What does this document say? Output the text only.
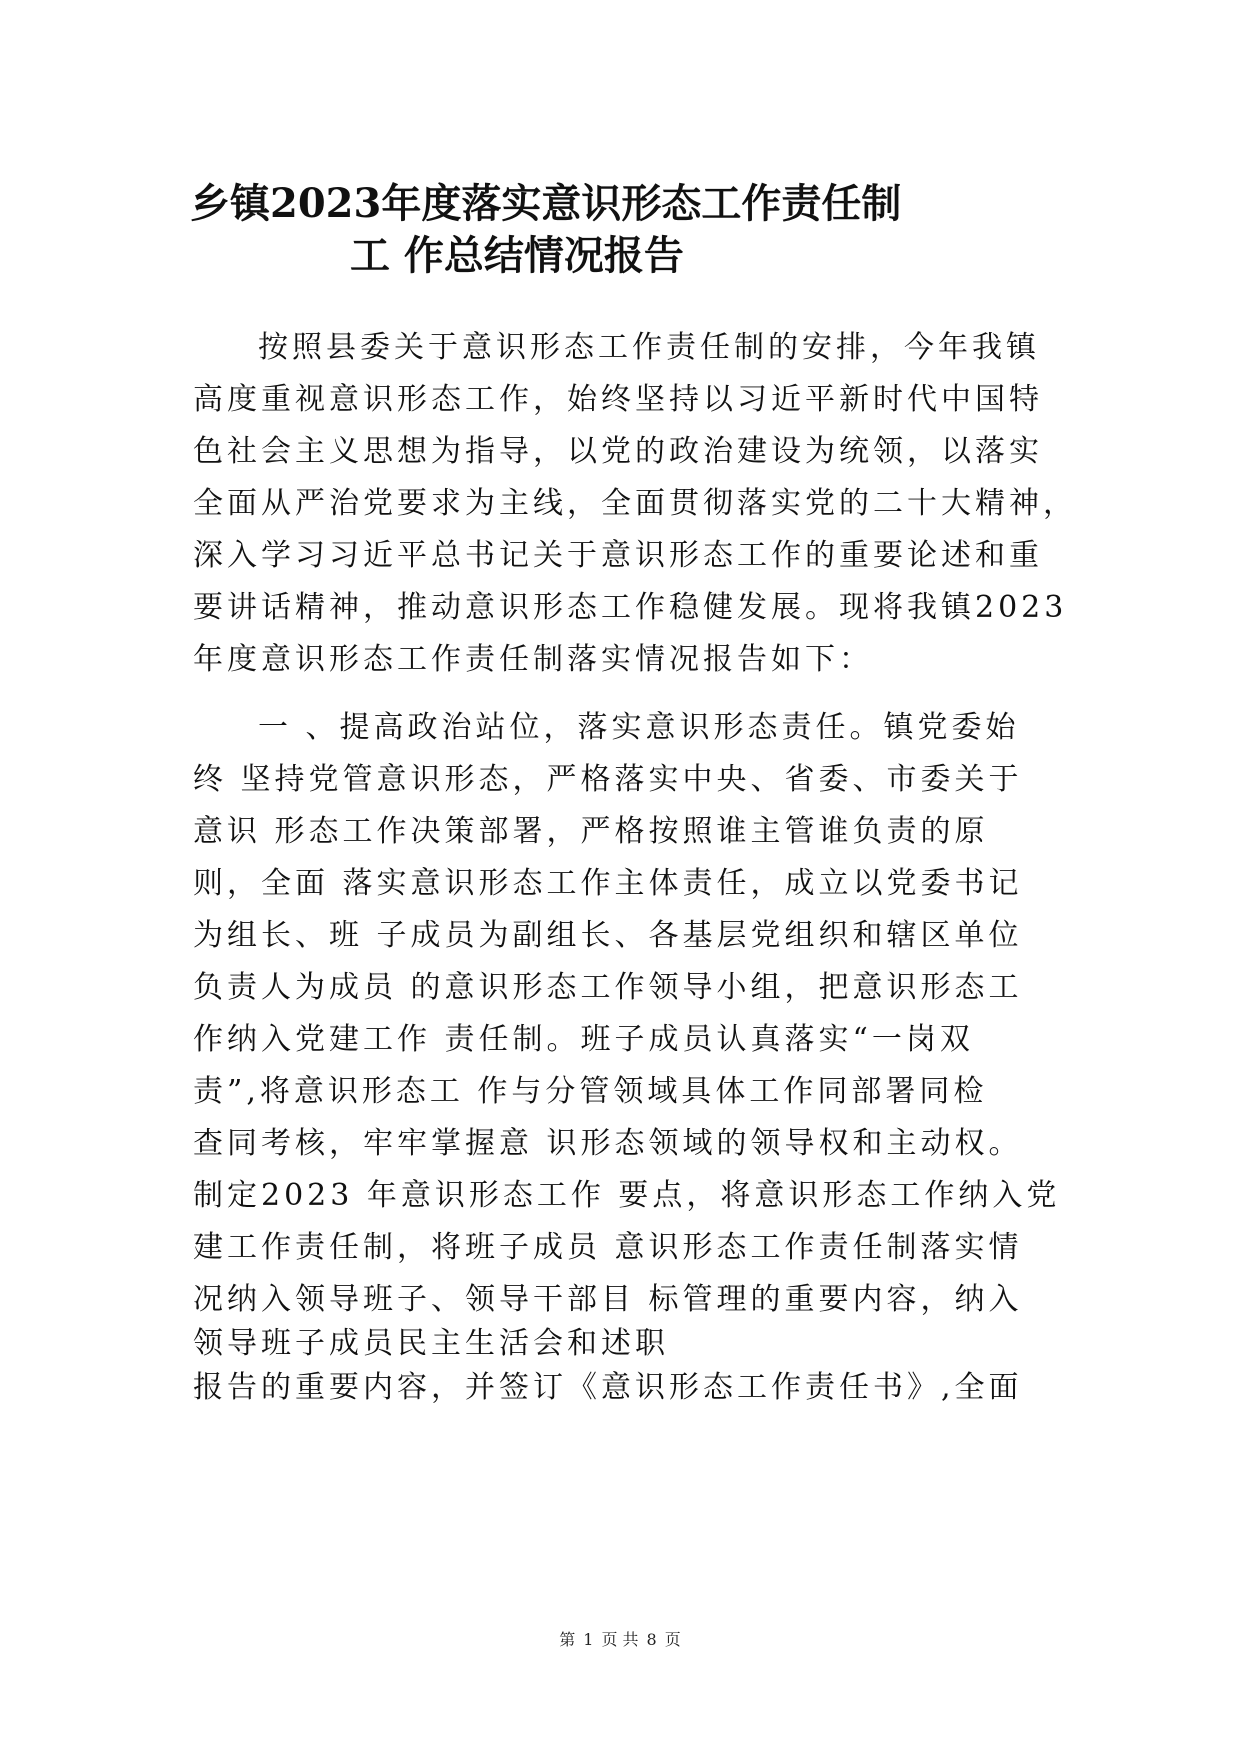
乡镇2023年度落实意识形态工作责任制
工 作总结情况报告
按照县委关于意识形态工作责任制的安排，今年我镇
高度重视意识形态工作，始终坚持以习近平新时代中国特
色社会主义思想为指导，以党的政治建设为统领，以落实
全面从严治党要求为主线，全面贯彻落实党的二十大精神，
深入学习习近平总书记关于意识形态工作的重要论述和重
要讲话精神，推动意识形态工作稳健发展。现将我镇2023
年度意识形态工作责任制落实情况报告如下：
一 、提高政治站位，落实意识形态责任。镇党委始
终 坚持党管意识形态，严格落实中央、省委、市委关于
意识 形态工作决策部署，严格按照谁主管谁负责的原
则，全面 落实意识形态工作主体责任，成立以党委书记
为组长、班 子成员为副组长、各基层党组织和辖区单位
负责人为成员 的意识形态工作领导小组，把意识形态工
作纳入党建工作 责任制。班子成员认真落实“一岗双
责”,将意识形态工 作与分管领域具体工作同部署同检
查同考核，牢牢掌握意 识形态领域的领导权和主动权。
制定2023 年意识形态工作 要点，将意识形态工作纳入党
建工作责任制，将班子成员 意识形态工作责任制落实情
况纳入领导班子、领导干部目 标管理的重要内容，纳入
领导班子成员民主生活会和述职
报告的重要内容，并签订《意识形态工作责任书》,全面
第 1 页 共 8 页
